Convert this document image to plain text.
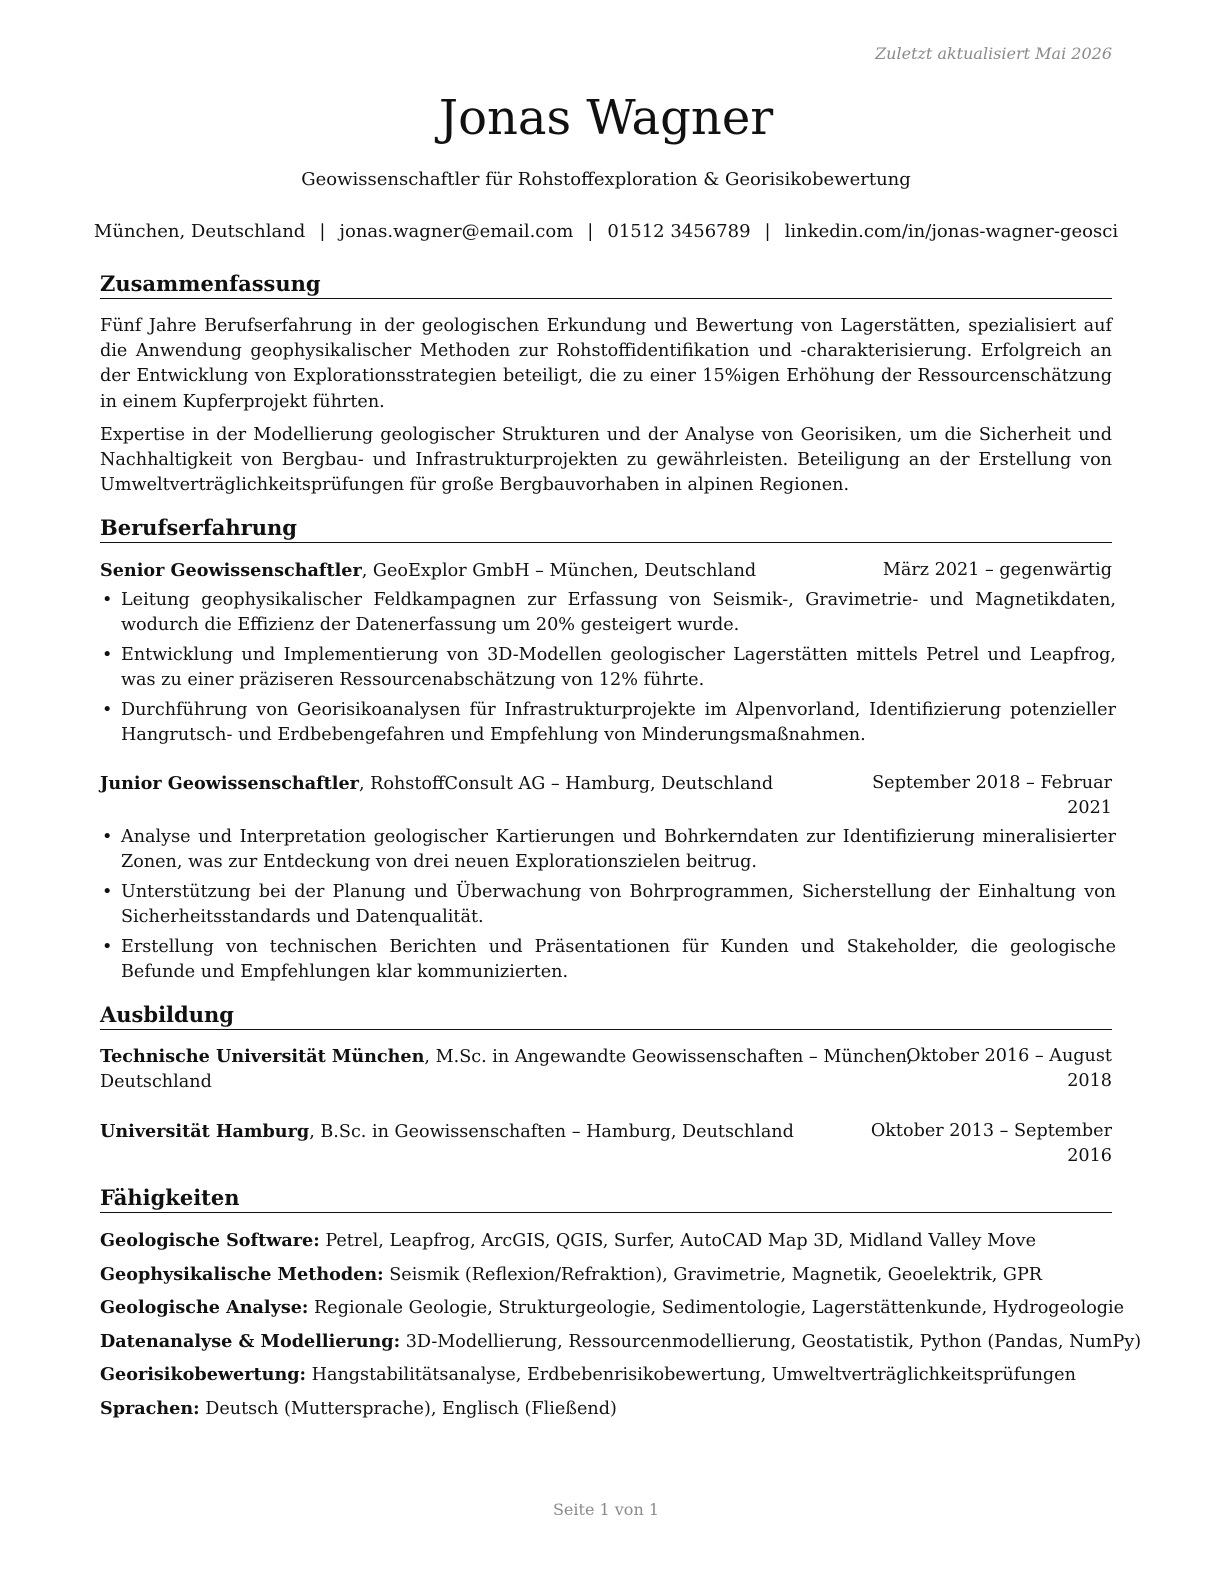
Zuletzt aktualisiert Mai 2026
Jonas Wagner
Geowissenschaftler für Rohstoffexploration & Georisikobewertung
München, Deutschland | jonas.wagner@email.com | 01512 3456789 | linkedin.com/in/jonas-wagner-geosci
Zusammenfassung

Fünf Jahre Berufserfahrung in der geologischen Erkundung und Bewertung von Lagerstätten, spezialisiert auf die Anwendung geophysikalischer Methoden zur Rohstoffidentifikation und -charakterisierung. Erfolgreich an der Entwicklung von Explorationsstrategien beteiligt, die zu einer 15%igen Erhöhung der Ressourcenschätzung in einem Kupferprojekt führten.

Expertise in der Modellierung geologischer Strukturen und der Analyse von Georisiken, um die Sicherheit und Nachhaltigkeit von Bergbau- und Infrastrukturprojekten zu gewährleisten. Beteiligung an der Erstellung von Umweltverträglichkeitsprüfungen für große Bergbauvorhaben in alpinen Regionen.

Berufserfahrung
Senior Geowissenschaftler, GeoExplor GmbH – München, Deutschland	März 2021 – gegenwärtig
• Leitung geophysikalischer Feldkampagnen zur Erfassung von Seismik-, Gravimetrie- und Magnetikdaten, wodurch die Effizienz der Datenerfassung um 20% gesteigert wurde.
• Entwicklung und Implementierung von 3D-Modellen geologischer Lagerstätten mittels Petrel und Leapfrog, was zu einer präziseren Ressourcenabschätzung von 12% führte.
• Durchführung von Georisikoanalysen für Infrastrukturprojekte im Alpenvorland, Identifizierung potenzieller Hangrutsch- und Erdbebengefahren und Empfehlung von Minderungsmaßnahmen.
Junior Geowissenschaftler, RohstoffConsult AG – Hamburg, Deutschland	September 2018 – Februar
2021
• Analyse und Interpretation geologischer Kartierungen und Bohrkerndaten zur Identifizierung mineralisierter Zonen, was zur Entdeckung von drei neuen Explorationszielen beitrug.
• Unterstützung bei der Planung und Überwachung von Bohrprogrammen, Sicherstellung der Einhaltung von Sicherheitsstandards und Datenqualität.
• Erstellung von technischen Berichten und Präsentationen für Kunden und Stakeholder, die geologische Befunde und Empfehlungen klar kommunizierten.
Ausbildung
Technische Universität München, M.Sc. in Angewandte Geowissenschaften – München,
Deutschland
Oktober 2016 – August
2018
Universität Hamburg, B.Sc. in Geowissenschaften – Hamburg, Deutschland	Oktober 2013 – September
2016
Fähigkeiten
Geologische Software: Petrel, Leapfrog, ArcGIS, QGIS, Surfer, AutoCAD Map 3D, Midland Valley Move
Geophysikalische Methoden: Seismik (Reflexion/Refraktion), Gravimetrie, Magnetik, Geoelektrik, GPR
Geologische Analyse: Regionale Geologie, Strukturgeologie, Sedimentologie, Lagerstättenkunde, Hydrogeologie
Datenanalyse & Modellierung: 3D-Modellierung, Ressourcenmodellierung, Geostatistik, Python (Pandas, NumPy)
Georisikobewertung: Hangstabilitätsanalyse, Erdbebenrisikobewertung, Umweltverträglichkeitsprüfungen
Sprachen: Deutsch (Muttersprache), Englisch (Fließend)
Seite 1 von 1
